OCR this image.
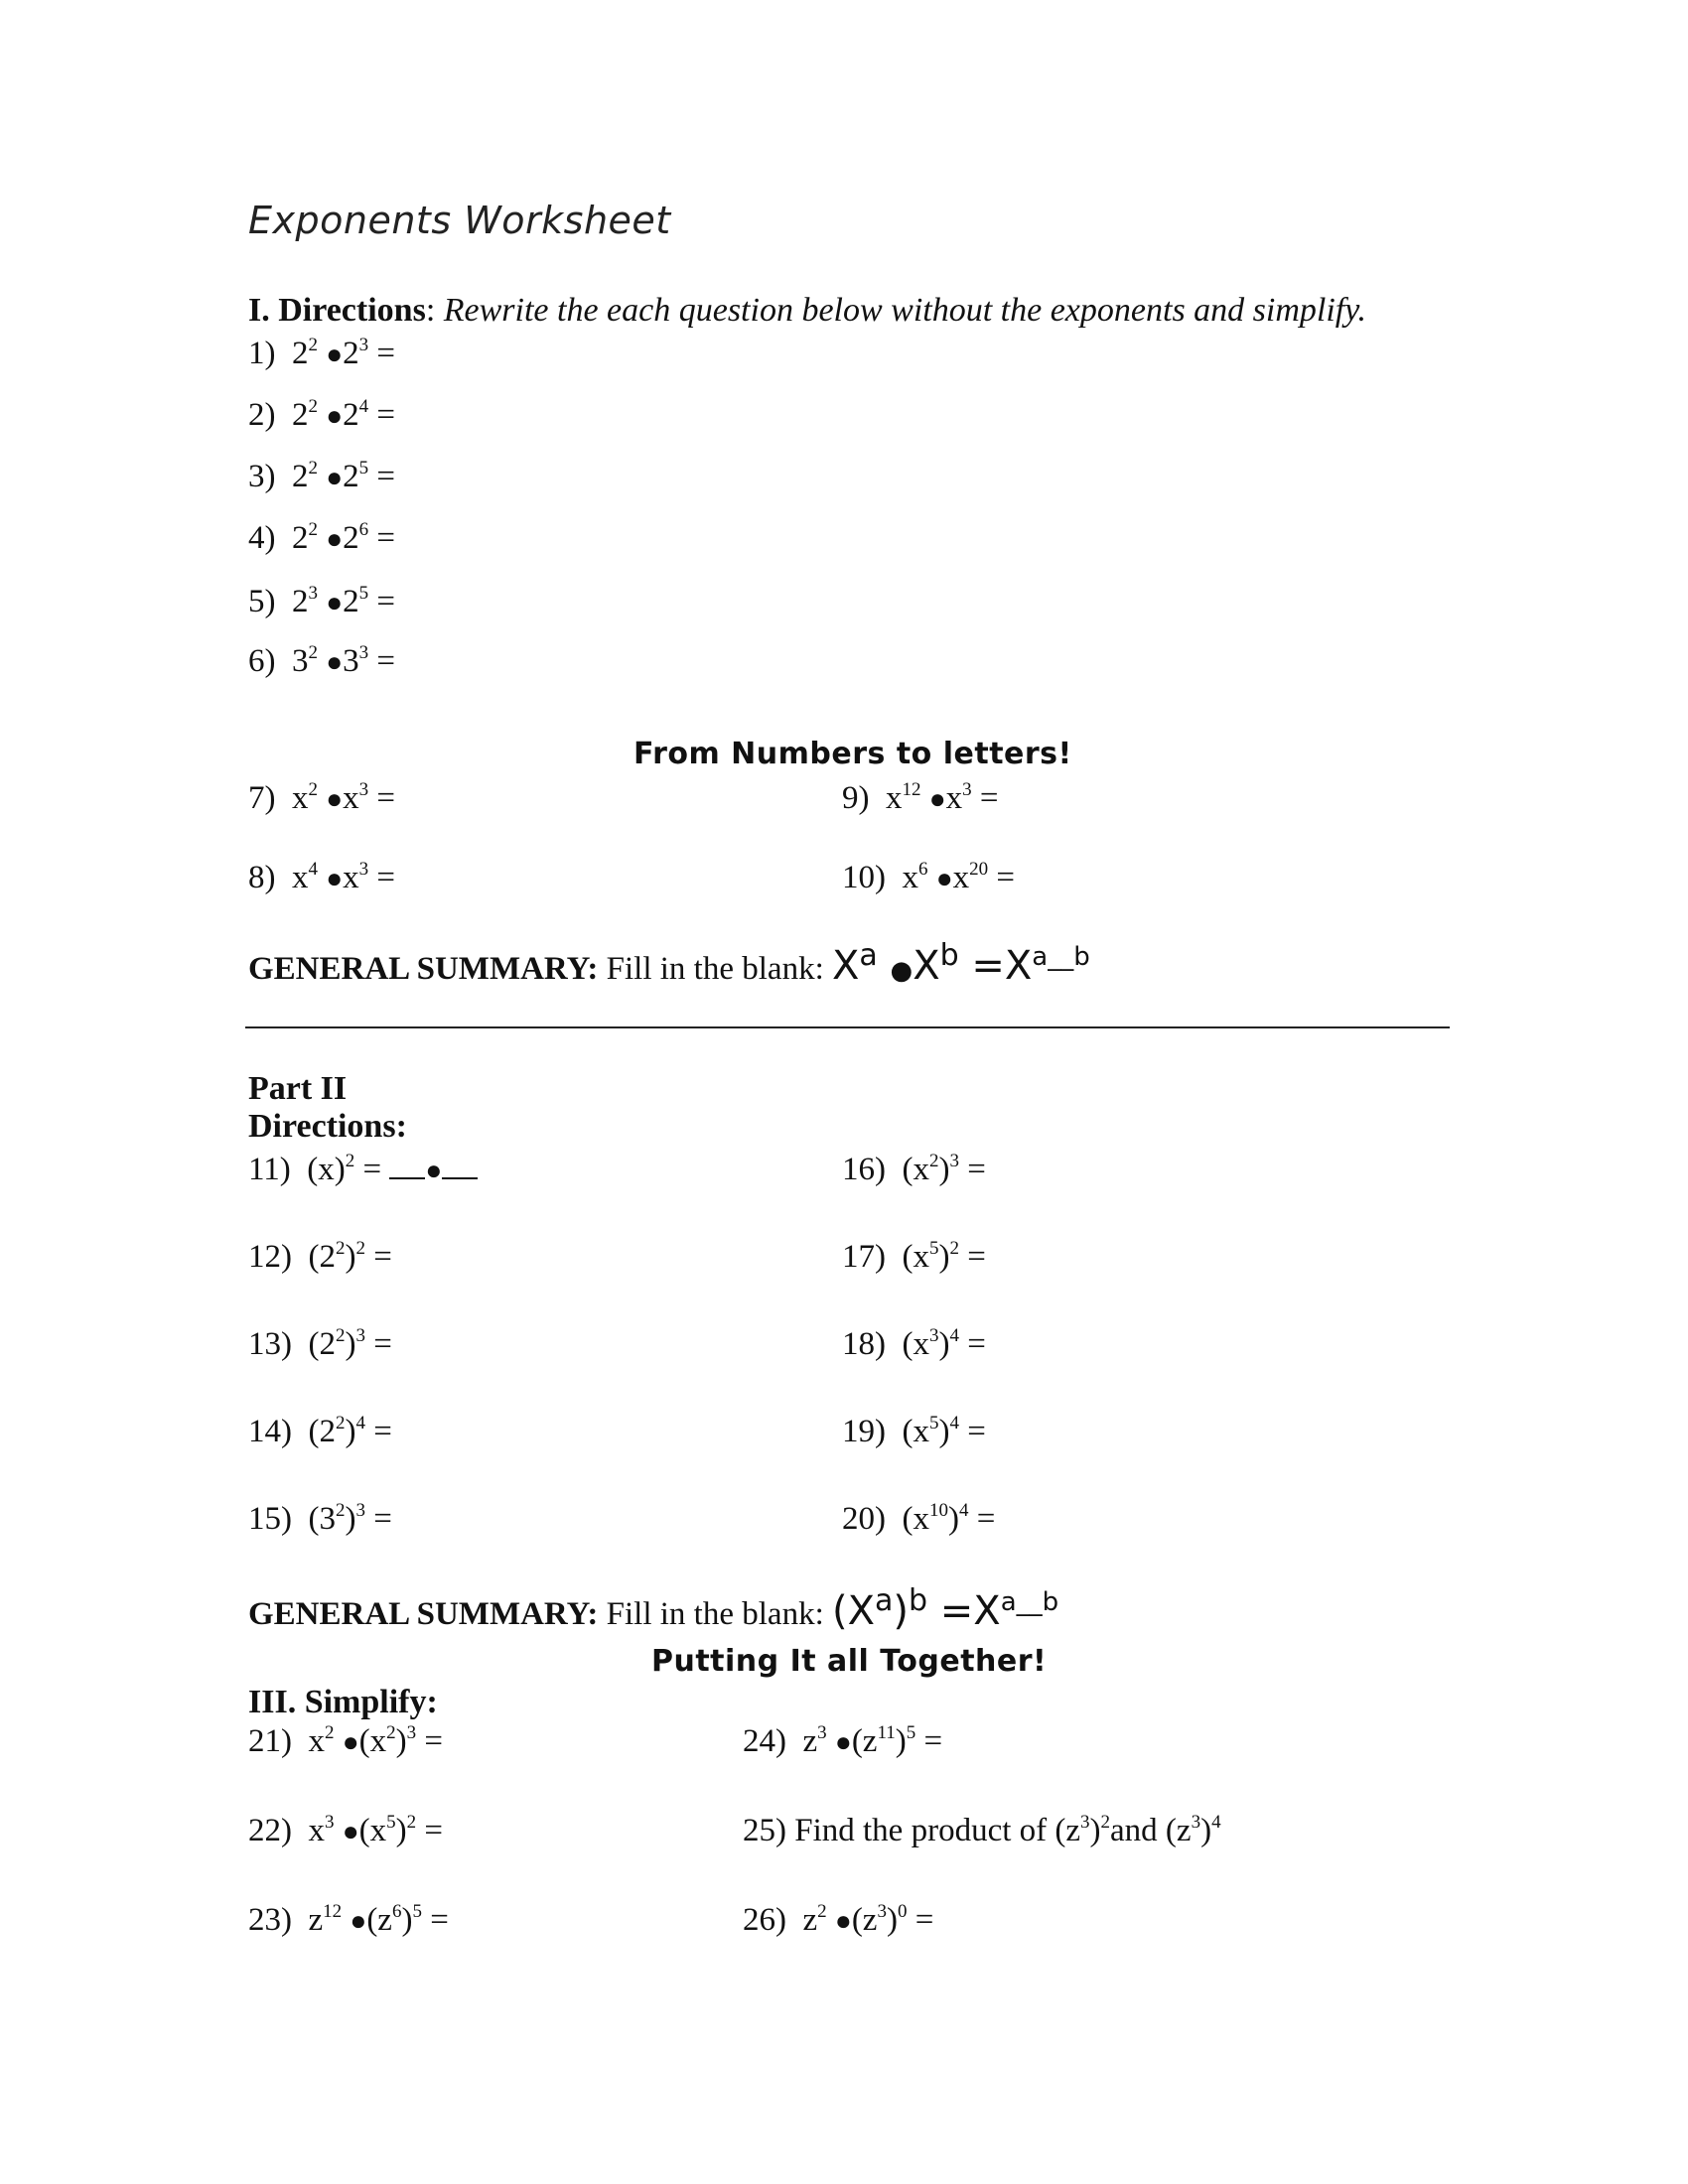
Exponents Worksheet
I. Directions: Rewrite the each question below without the exponents and simplify.
1)  $2^2$ $●2^3$ =
2)  $2^2$ $●2^4$ =
3)  $2^2$ $●2^5$ =
4)  $2^2$ $●2^6$ =
5)  $2^3$ $●2^5$ =
6)  $3^2$ $●3^3$ =
From Numbers to letters!
7)  $x^2$ $●x^3$ =	9)  $x^{12}$ $●x^3$ =
8)  $x^4$ $●x^3$ =	10)  $x^6$ $●x^{20}$ =
GENERAL SUMMARY: Fill in the blank: $X^a$ $●X^b =X^{a\_\_b}$
Part II
Directions:
11)  $(x)^2$ = ●	16)  $(x^2)^3$ =
12)  $(2^2)^2$ =	17)  $(x^5)^2$ =
13)  $(2^2)^3$ =	18)  $(x^3)^4$ =
14)  $(2^2)^4$ =	19)  $(x^5)^4$ =
15)  $(3^2)^3$ =	20)  $(x^{10})^4$ =
GENERAL SUMMARY: Fill in the blank: $(X^a)^b =X^{a\_\_b}$
Putting It all Together!
III. Simplify:
21)  $x^2$ $●(x^2)^3$ =	24)  $z^3$ $●(z^{11})^5$ =
22)  $x^3$ $●(x^5)^2$ =	25) Find the product of $(z^3)^2and$ $(z^3)^4$
23)  $z^{12}$ $●(z^6)^5$ =	26)  $z^2$ $●(z^3)^0$ =
